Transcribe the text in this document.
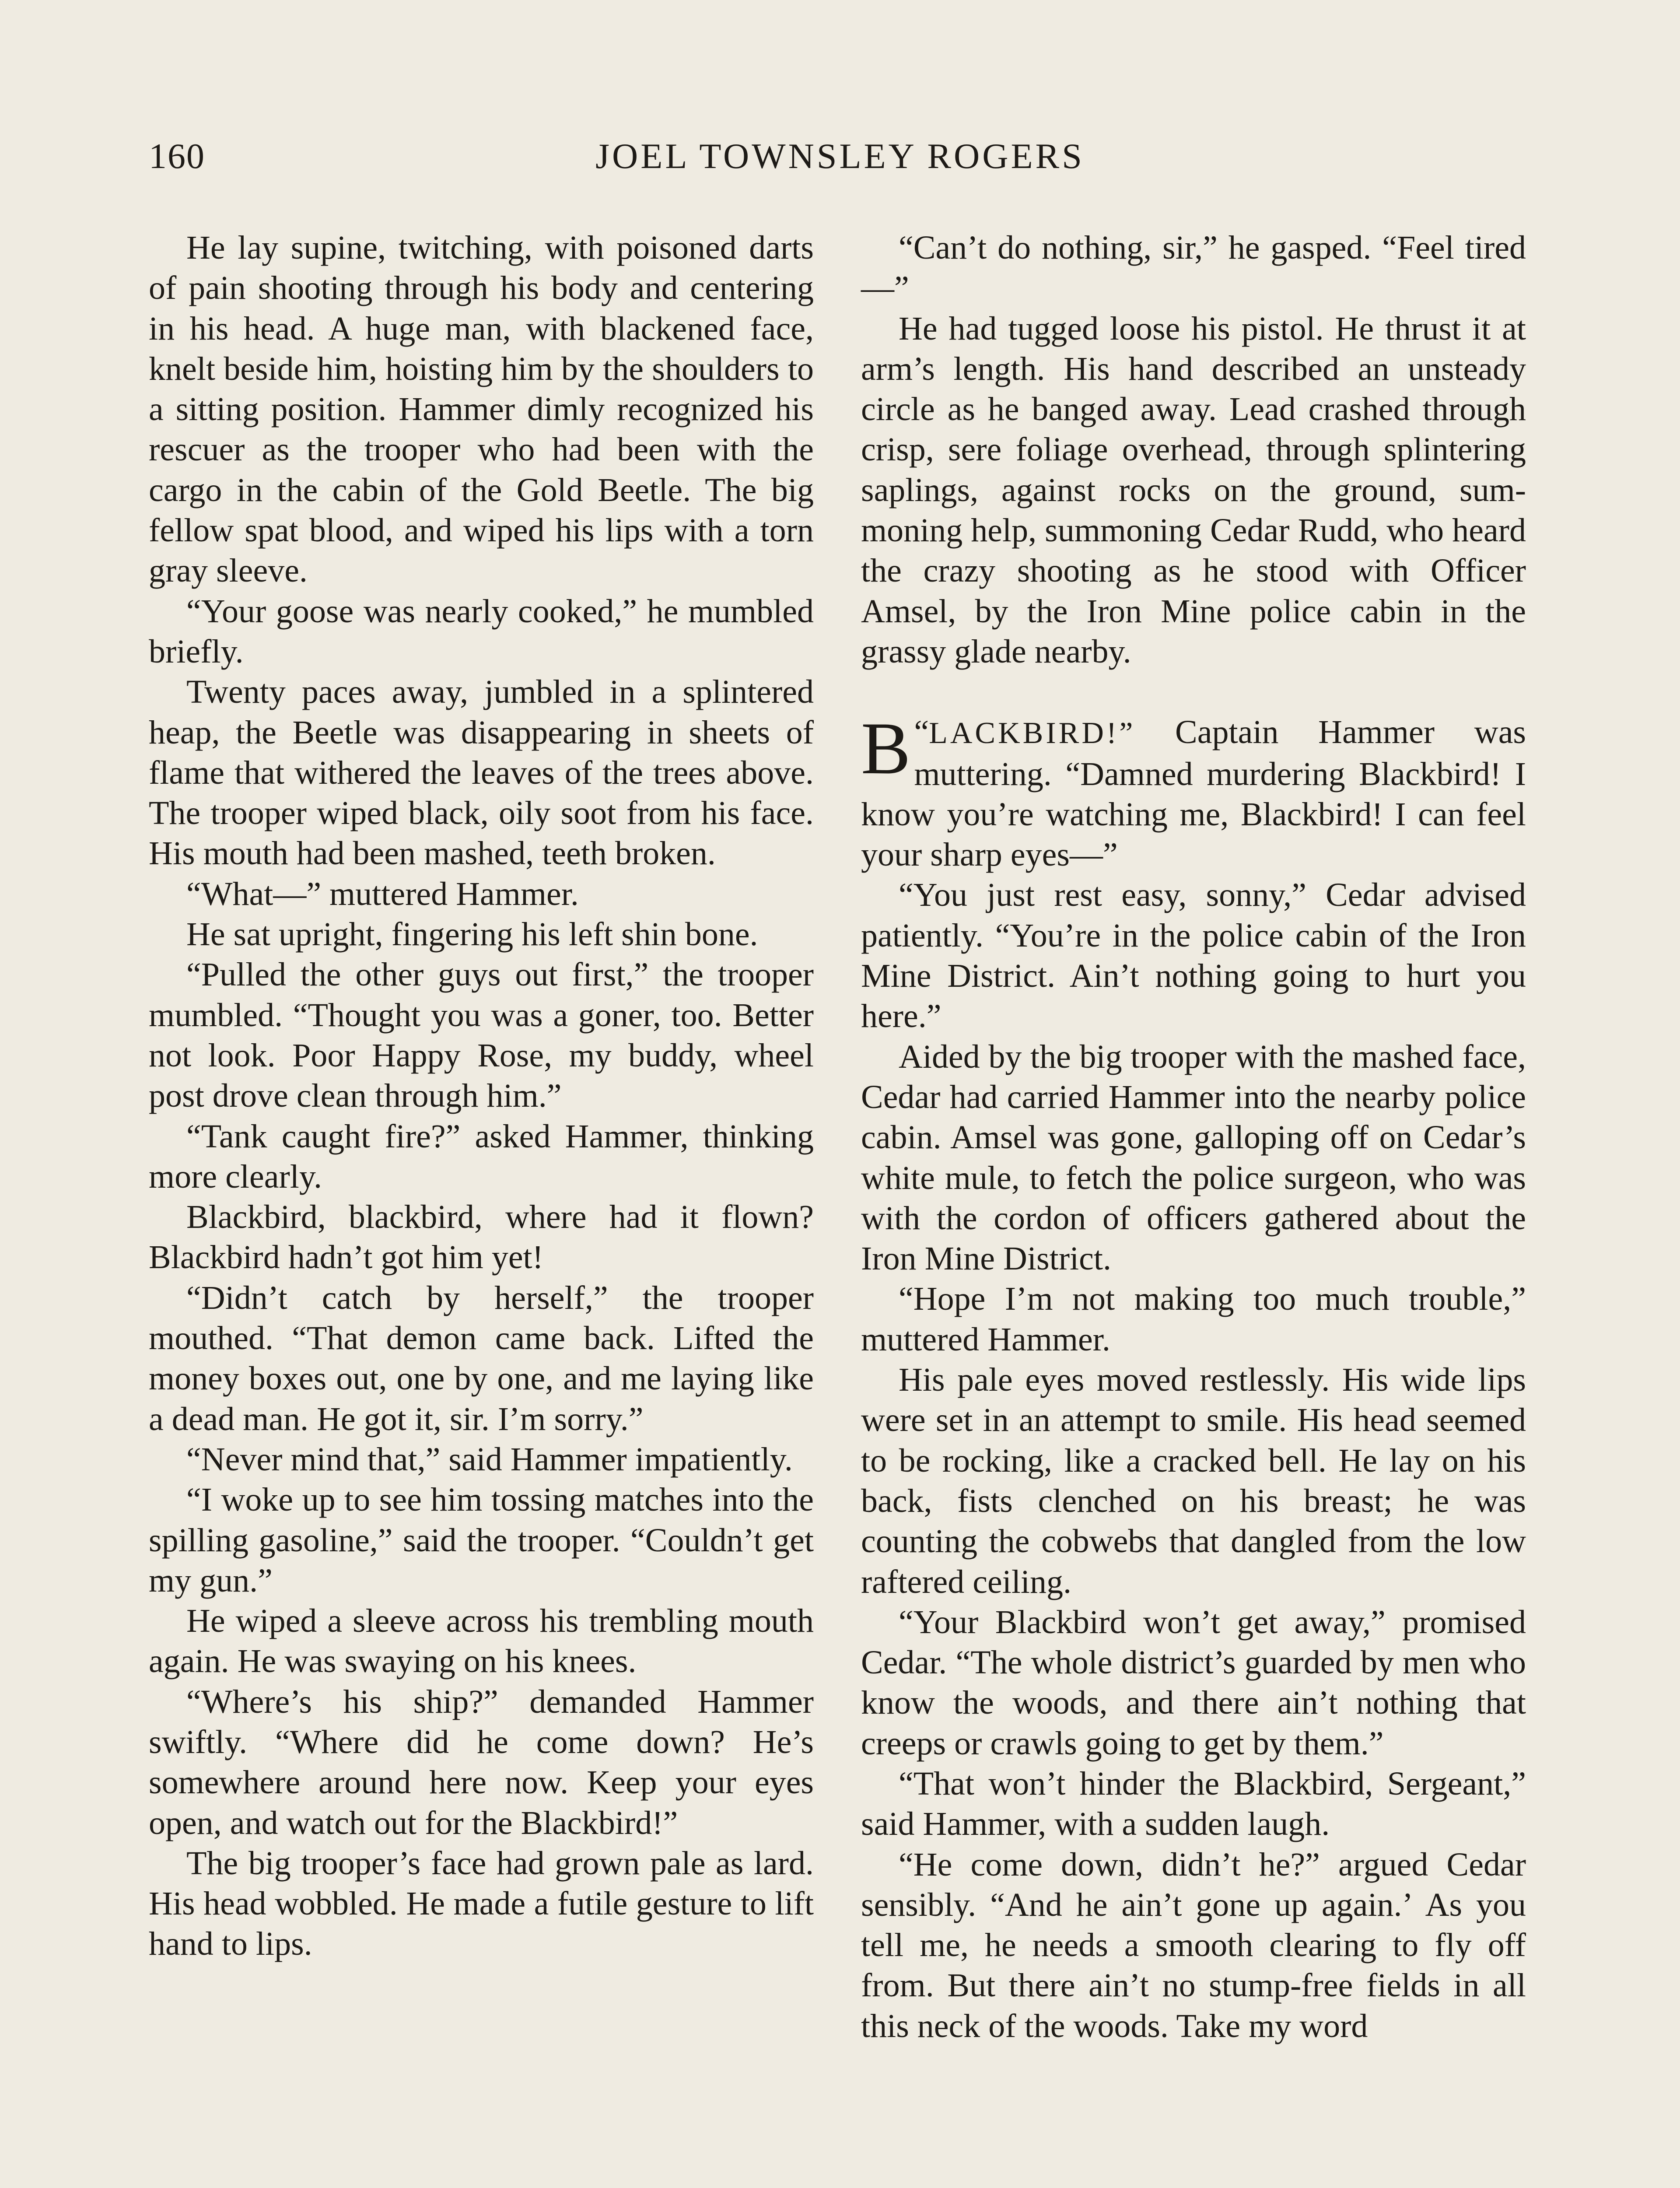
160	JOEL TOWNSLEY ROGERS

He lay supine, twitching, with poisoned darts of pain shooting through his body and centering in his head. A huge man, with blackened face, knelt beside him, hoisting him by the shoulders to a sitting position. Hammer dimly recognized his rescuer as the trooper who had been with the cargo in the cabin of the Gold Beetle. The big fellow spat blood, and wiped his lips with a torn gray sleeve.

“Your goose was nearly cooked,” he mumbled briefly.

Twenty paces away, jumbled in a splintered heap, the Beetle was disappearing in sheets of flame that withered the leaves of the trees above. The trooper wiped black, oily soot from his face. His mouth had been mashed, teeth broken.

“What—” muttered Hammer.

He sat upright, fingering his left shin bone.

“Pulled the other guys out first,” the trooper mumbled. “Thought you was a goner, too. Better not look. Poor Happy Rose, my buddy, wheel post drove clean through him.”

“Tank caught fire?” asked Hammer, thinking more clearly.

Blackbird, blackbird, where had it flown? Blackbird hadn’t got him yet!

“Didn’t catch by herself,” the trooper mouthed. “That demon came back. Lifted the money boxes out, one by one, and me laying like a dead man. He got it, sir. I’m sorry.”

“Never mind that,” said Hammer impatiently.

“I woke up to see him tossing matches into the spilling gasoline,” said the trooper. “Couldn’t get my gun.”

He wiped a sleeve across his trembling mouth again. He was swaying on his knees.

“Where’s his ship?” demanded Hammer swiftly. “Where did he come down? He’s somewhere around here now. Keep your eyes open, and watch out for the Blackbird!”

The big trooper’s face had grown pale as lard. His head wobbled. He made a futile gesture to lift hand to lips.

“Can’t do nothing, sir,” he gasped. “Feel tired—”

He had tugged loose his pistol. He thrust it at arm’s length. His hand described an unsteady circle as he banged away. Lead crashed through crisp, sere foliage overhead, through splintering saplings, against rocks on the ground, summoning help, summoning Cedar Rudd, who heard the crazy shooting as he stood with Officer Amsel, by the Iron Mine police cabin in the grassy glade nearby.

“
B LACKBIRD!” Captain Hammer was muttering. “Damned murdering Blackbird! I know you’re watching me, Blackbird! I can feel your sharp eyes—”

“You just rest easy, sonny,” Cedar advised patiently. “You’re in the police cabin of the Iron Mine District. Ain’t nothing going to hurt you here.”

Aided by the big trooper with the mashed face, Cedar had carried Hammer into the nearby police cabin. Amsel was gone, galloping off on Cedar’s white mule, to fetch the police surgeon, who was with the cordon of officers gathered about the Iron Mine District.

“Hope I’m not making too much trouble,” muttered Hammer.

His pale eyes moved restlessly. His wide lips were set in an attempt to smile. His head seemed to be rocking, like a cracked bell. He lay on his back, fists clenched on his breast; he was counting the cobwebs that dangled from the low raftered ceiling.

“Your Blackbird won’t get away,” promised Cedar. “The whole district’s guarded by men who know the woods, and there ain’t nothing that creeps or crawls going to get by them.”

“That won’t hinder the Blackbird, Sergeant,” said Hammer, with a sudden laugh.

“He come down, didn’t he?” argued Cedar sensibly. “And he ain’t gone up again.ʼ As you tell me, he needs a smooth clearing to fly off from. But there ain’t no stump-free fields in all this neck of the woods. Take my word
